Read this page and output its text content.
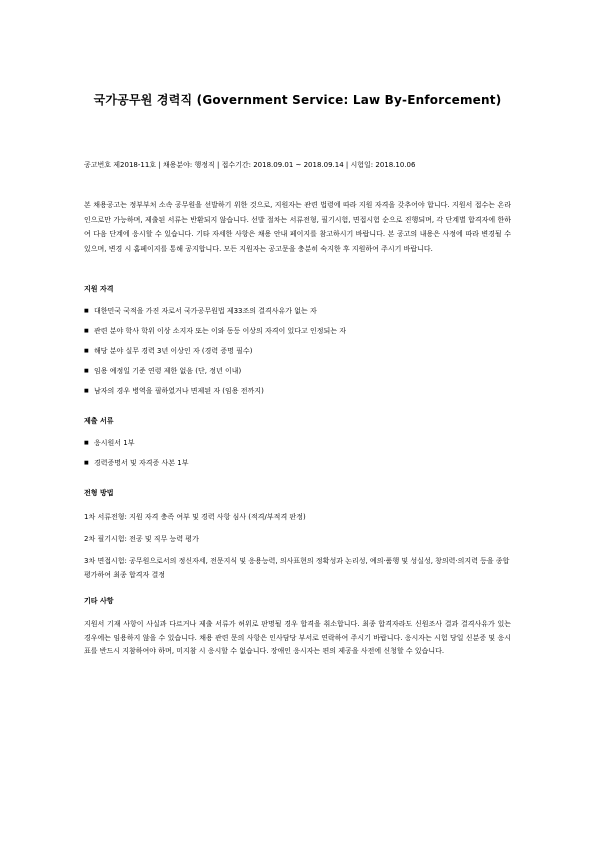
국가공무원 경력직 (Government Service: Law By-Enforcement)
공고번호 제2018-11호 | 채용분야: 행정직 | 접수기간: 2018.09.01 ~ 2018.09.14 | 시험일: 2018.10.06
본 채용공고는 정부부처 소속 공무원을 선발하기 위한 것으로, 지원자는 관련 법령에 따라 지원 자격을 갖추어야 합니다. 지원서 접수는 온라인으로만 가능하며, 제출된 서류는 반환되지 않습니다. 선발 절차는 서류전형, 필기시험, 면접시험 순으로 진행되며, 각 단계별 합격자에 한하여 다음 단계에 응시할 수 있습니다. 기타 자세한 사항은 채용 안내 페이지를 참고하시기 바랍니다. 본 공고의 내용은 사정에 따라 변경될 수 있으며, 변경 시 홈페이지를 통해 공지합니다. 모든 지원자는 공고문을 충분히 숙지한 후 지원하여 주시기 바랍니다.
지원 자격
■ 대한민국 국적을 가진 자로서 국가공무원법 제33조의 결격사유가 없는 자
■ 관련 분야 학사 학위 이상 소지자 또는 이와 동등 이상의 자격이 있다고 인정되는 자
■ 해당 분야 실무 경력 3년 이상인 자 (경력 증명 필수)
■ 임용 예정일 기준 연령 제한 없음 (단, 정년 이내)
■ 남자의 경우 병역을 필하였거나 면제된 자 (임용 전까지)
제출 서류
■ 응시원서 1부
■ 경력증명서 및 자격증 사본 1부
전형 방법

1차 서류전형: 지원 자격 충족 여부 및 경력 사항 심사 (적격/부적격 판정)

2차 필기시험: 전공 및 직무 능력 평가

3차 면접시험: 공무원으로서의 정신자세, 전문지식 및 응용능력, 의사표현의 정확성과 논리성, 예의·품행 및 성실성, 창의력·의지력 등을 종합 평가하여 최종 합격자 결정

기타 사항
지원서 기재 사항이 사실과 다르거나 제출 서류가 허위로 판명될 경우 합격을 취소합니다. 최종 합격자라도 신원조사 결과 결격사유가 있는 경우에는 임용하지 않을 수 있습니다. 채용 관련 문의 사항은 인사담당 부서로 연락하여 주시기 바랍니다. 응시자는 시험 당일 신분증 및 응시표를 반드시 지참하여야 하며, 미지참 시 응시할 수 없습니다. 장애인 응시자는 편의 제공을 사전에 신청할 수 있습니다.
